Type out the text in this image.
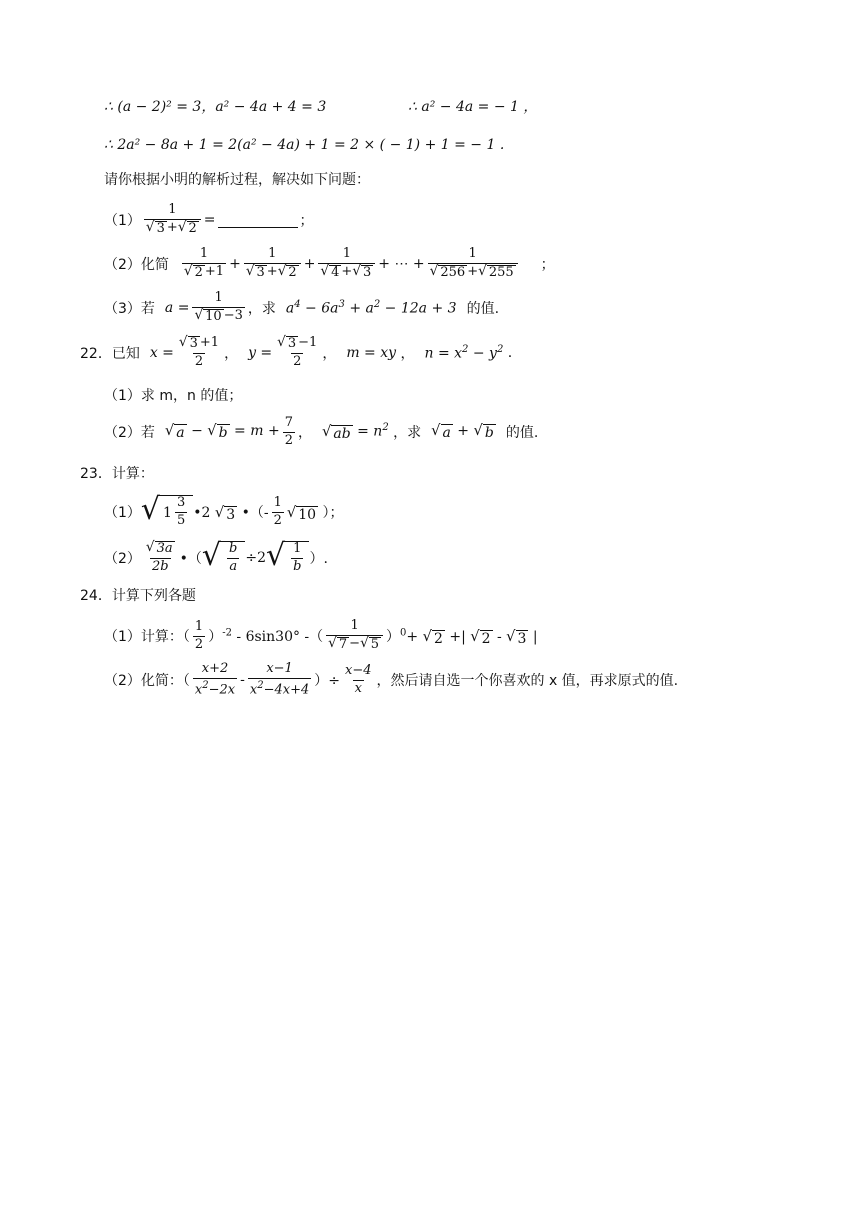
∴ (a − 2)² = 3，a² − 4a + 4 = 3	∴ a² − 4a = − 1 ，
∴ 2a² − 8a + 1 = 2(a² − 4a) + 1 = 2 × ( − 1) + 1 = − 1 .
请你根据小明的解析过程，解决如下问题：
$(1) \frac{1}{√ 3 + √ 2}$ =	；
（2）化简 $\frac{1}{√ 2 +1} + \frac{1}{√ 3 + √ 2} + \frac{1}{√ 4 + √ 3}$ + ⋯ + $\frac{1}{√ 256 + √ 255}$ ；
（3）若 $a = \frac{1}{√ 10 -3}$ ，求 $a^4 - 6a^3 + a^2 - 12a + 3$ 的值.
22．已知 $x = \frac{√ 3 +1}{2}$ ， $y = \frac{√ 3 -1}{2}$ ， m = xy ， $n = x^2 - y^2$ .
（1）求 m，n 的值；
（2）若 √ a − √ $b = m + \frac{7}{2}$ ， √ ab = $n^2$
，求 √ a + √ b 的值.
23．计算：
（1） √ $1 \frac{3}{5}$ •2 √ 3 •（- $\frac{1}{2}$ √ 10 ）；
$(2) \frac{√ 3a}{2b}$ •（ √ $\frac{b}{a} \div 2$ √ $\frac{1}{b}$ ）.
24．计算下列各题
（1）计算：（ $\frac{1}{2} )^{-2} - 6\sin 30^\circ$ -（ $\frac{1}{√ 7 - √ 5} )^0+$ √ 2 +| √ 2 - √ 3 |
（2）化简：（ $\frac{x+2}{x^2-2x} - \frac{x-1}{x^2-4x+4}$ ）÷ $\frac{x-4}{x}$ ，然后请自选一个你喜欢的 x 值，再求原式的值.
